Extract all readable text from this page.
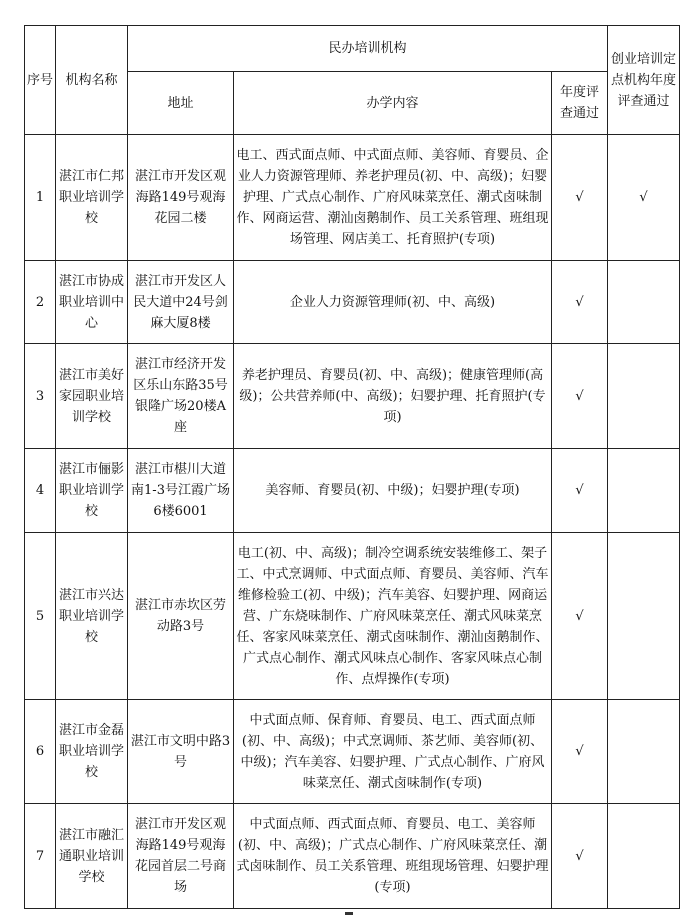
序号	机构名称	民办培训机构			创业培训定点机构年度评查通过
		地址	办学内容	年度评查通过	
1	湛江市仁邦职业培训学校	湛江市开发区观海路149号观海花园二楼	电工、西式面点师、中式面点师、美容师、育婴员、企业人力资源管理师、养老护理员(初、中、高级)；妇婴护理、广式点心制作、广府风味菜烹任、潮式卤味制作、网商运营、潮汕卤鹅制作、员工关系管理、班组现场管理、网店美工、托育照护(专项)	√	√
2	湛江市协成职业培训中心	湛江市开发区人民大道中24号剑麻大厦8楼	企业人力资源管理师(初、中、高级)	√	
3	湛江市美好家园职业培训学校	湛江市经济开发区乐山东路35号银隆广场20楼A座	养老护理员、育婴员(初、中、高级)；健康管理师(高级)；公共营养师(中、高级)；妇婴护理、托育照护(专项)	√	
4	湛江市俪影职业培训学校	湛江市椹川大道南1-3号江霞广场6楼6001	美容师、育婴员(初、中级)；妇婴护理(专项)	√	
5	湛江市兴达职业培训学校	湛江市赤坎区劳动路3号	电工(初、中、高级)；制冷空调系统安装维修工、架子工、中式烹调师、中式面点师、育婴员、美容师、汽车维修检验工(初、中级)；汽车美容、妇婴护理、网商运营、广东烧味制作、广府风味菜烹任、潮式风味菜烹任、客家风味菜烹任、潮式卤味制作、潮汕卤鹅制作、广式点心制作、潮式风味点心制作、客家风味点心制作、点焊操作(专项)	√	
6	湛江市金磊职业培训学校	湛江市文明中路3号	中式面点师、保育师、育婴员、电工、西式面点师(初、中、高级)；中式烹调师、茶艺师、美容师(初、中级)；汽车美容、妇婴护理、广式点心制作、广府风味菜烹任、潮式卤味制作(专项)	√	
7	湛江市融汇通职业培训学校	湛江市开发区观海路149号观海花园首层二号商场	中式面点师、西式面点师、育婴员、电工、美容师(初、中、高级)；广式点心制作、广府风味菜烹任、潮式卤味制作、员工关系管理、班组现场管理、妇婴护理(专项)	√	
